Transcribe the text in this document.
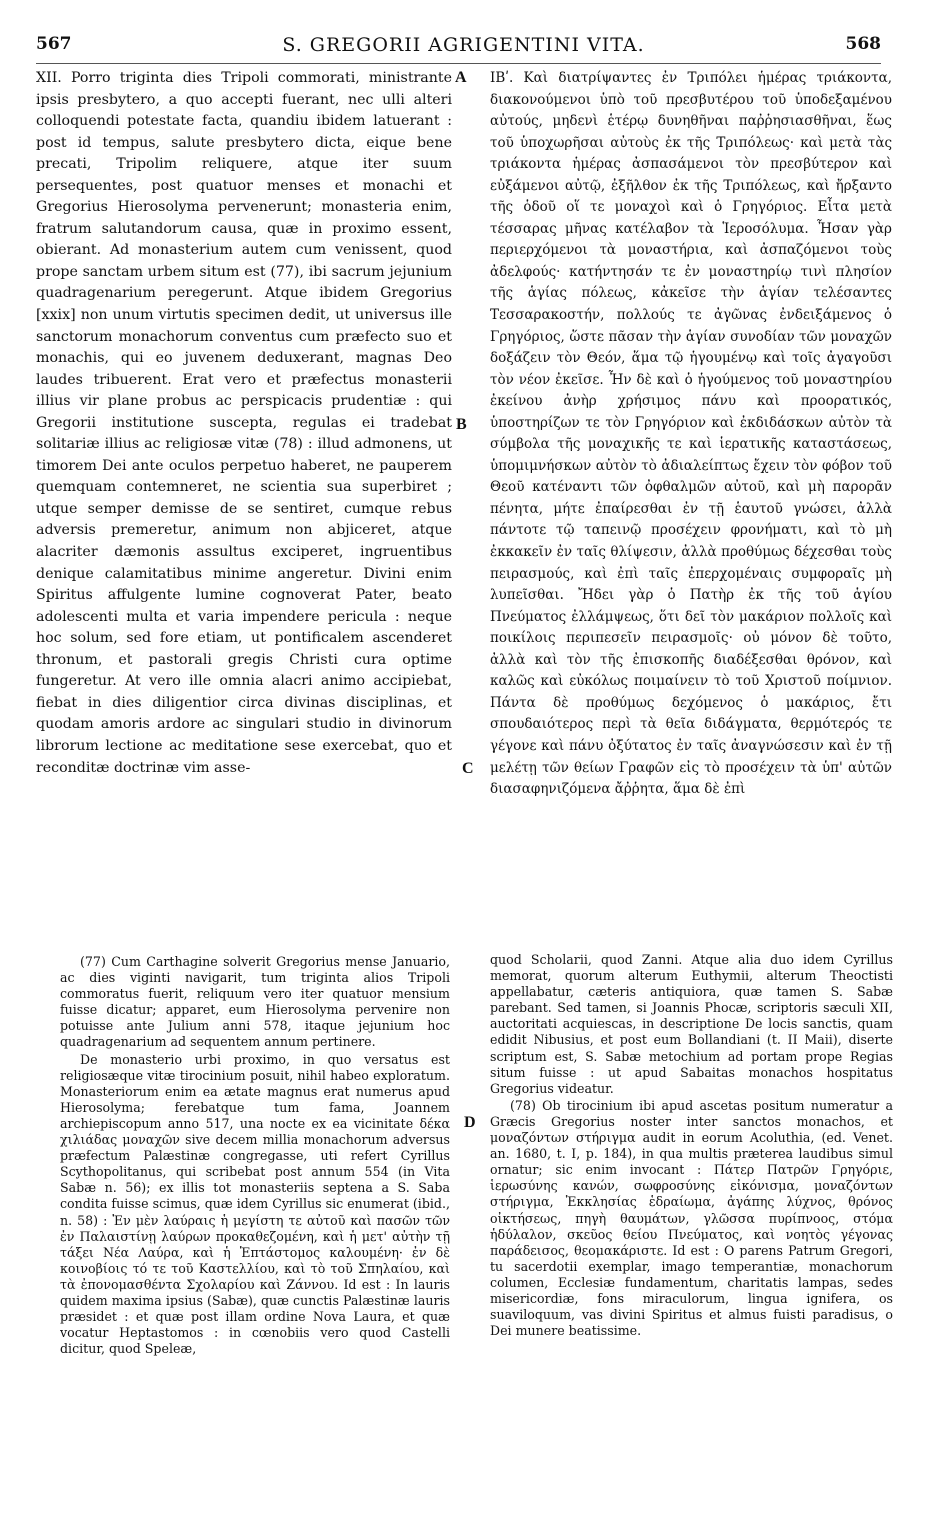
567	S. GREGORII AGRIGENTINI VITA.	568

XII. Porro triginta dies Tripoli commorati, ministrante ipsis presbytero, a quo accepti fuerant, nec ulli alteri colloquendi potestate facta, quandiu ibidem latuerant : post id tempus, salute presbytero dicta, eique bene precati, Tripolim reliquere, atque iter suum persequentes, post quatuor menses et monachi et Gregorius Hierosolyma pervenerunt; monasteria enim, fratrum salutandorum causa, quæ in proximo essent, obierant. Ad monasterium autem cum venissent, quod prope sanctam urbem situm est (77), ibi sacrum jejunium quadragenarium peregerunt. Atque ibidem Gregorius [xxix] non unum virtutis specimen dedit, ut universus ille sanctorum monachorum conventus cum præfecto suo et monachis, qui eo juvenem deduxerant, magnas Deo laudes tribuerent. Erat vero et præfectus monasterii illius vir plane probus ac perspicacis prudentiæ : qui Gregorii institutione suscepta, regulas ei tradebat solitariæ illius ac religiosæ vitæ (78) : illud admonens, ut timorem Dei ante oculos perpetuo haberet, ne pauperem quemquam contemneret, ne scientia sua superbiret ; utque semper demisse de se sentiret, cumque rebus adversis premeretur, animum non abjiceret, atque alacriter dæmonis assultus exciperet, ingruentibus denique calamitatibus minime angeretur. Divini enim Spiritus affulgente lumine cognoverat Pater, beato adolescenti multa et varia impendere pericula : neque hoc solum, sed fore etiam, ut pontificalem ascenderet thronum, et pastorali gregis Christi cura optime fungeretur. At vero ille omnia alacri animo accipiebat, fiebat in dies diligentior circa divinas disciplinas, et quodam amoris ardore ac singulari studio in divinorum librorum lectione ac meditatione sese exercebat, quo et reconditæ doctrinæ vim asse-

A
B
C
D

ΙΒʹ. Καὶ διατρίψαντες ἐν Τριπόλει ἡμέρας τριάκοντα, διακονούμενοι ὑπὸ τοῦ πρεσβυτέρου τοῦ ὑποδεξαμένου αὐτούς, μηδενὶ ἑτέρῳ δυνηθῆναι παῤῥησιασθῆναι, ἕως τοῦ ὑποχωρῆσαι αὐτοὺς ἐκ τῆς Τριπόλεως· καὶ μετὰ τὰς τριάκοντα ἡμέρας ἀσπασάμενοι τὸν πρεσβύτερον καὶ εὐξάμενοι αὐτῷ, ἐξῆλθον ἐκ τῆς Τριπόλεως, καὶ ἤρξαντο τῆς ὁδοῦ οἵ τε μοναχοὶ καὶ ὁ Γρηγόριος. Εἶτα μετὰ τέσσαρας μῆνας κατέλαβον τὰ Ἱεροσόλυμα. Ἦσαν γὰρ περιερχόμενοι τὰ μοναστήρια, καὶ ἀσπαζόμενοι τοὺς ἀδελφούς· κατήντησάν τε ἐν μοναστηρίῳ τινὶ πλησίον τῆς ἁγίας πόλεως, κἀκεῖσε τὴν ἁγίαν τελέσαντες Τεσσαρακοστήν, πολλούς τε ἀγῶνας ἐνδειξάμενος ὁ Γρηγόριος, ὥστε πᾶσαν τὴν ἁγίαν συνοδίαν τῶν μοναχῶν δοξάζειν τὸν Θεόν, ἅμα τῷ ἡγουμένῳ καὶ τοῖς ἀγαγοῦσι τὸν νέον ἐκεῖσε. Ἦν δὲ καὶ ὁ ἡγούμενος τοῦ μοναστηρίου ἐκείνου ἀνὴρ χρήσιμος πάνυ καὶ προορατικός, ὑποστηρίζων τε τὸν Γρηγόριον καὶ ἐκδιδάσκων αὐτὸν τὰ σύμβολα τῆς μοναχικῆς τε καὶ ἱερατικῆς καταστάσεως, ὑπομιμνήσκων αὐτὸν τὸ ἀδιαλείπτως ἔχειν τὸν φόβον τοῦ Θεοῦ κατέναντι τῶν ὀφθαλμῶν αὐτοῦ, καὶ μὴ παρορᾶν πένητα, μήτε ἐπαίρεσθαι ἐν τῇ ἑαυτοῦ γνώσει, ἀλλὰ πάντοτε τῷ ταπεινῷ προσέχειν φρονήματι, καὶ τὸ μὴ ἐκκακεῖν ἐν ταῖς θλίψεσιν, ἀλλὰ προθύμως δέχεσθαι τοὺς πειρασμούς, καὶ ἐπὶ ταῖς ἐπερχομέναις συμφοραῖς μὴ λυπεῖσθαι. Ἤδει γὰρ ὁ Πατὴρ ἐκ τῆς τοῦ ἁγίου Πνεύματος ἐλλάμψεως, ὅτι δεῖ τὸν μακάριον πολλοῖς καὶ ποικίλοις περιπεσεῖν πειρασμοῖς· οὐ μόνον δὲ τοῦτο, ἀλλὰ καὶ τὸν τῆς ἐπισκοπῆς διαδέξεσθαι θρόνον, καὶ καλῶς καὶ εὐκόλως ποιμαίνειν τὸ τοῦ Χριστοῦ ποίμνιον. Πάντα δὲ προθύμως δεχόμενος ὁ μακάριος, ἔτι σπουδαιότερος περὶ τὰ θεῖα διδάγματα, θερμότερός τε γέγονε καὶ πάνυ ὀξύτατος ἐν ταῖς ἀναγνώσεσιν καὶ ἐν τῇ μελέτῃ τῶν θείων Γραφῶν εἰς τὸ προσέχειν τὰ ὑπ' αὐτῶν διασαφηνιζόμενα ἄῤῥητα, ἅμα δὲ ἐπὶ

(77) Cum Carthagine solverit Gregorius mense Januario, ac dies viginti navigarit, tum triginta alios Tripoli commoratus fuerit, reliquum vero iter quatuor mensium fuisse dicatur; apparet, eum Hierosolyma pervenire non potuisse ante Julium anni 578, itaque jejunium hoc quadragenarium ad sequentem annum pertinere.

De monasterio urbi proximo, in quo versatus est religiosæque vitæ tirocinium posuit, nihil habeo exploratum. Monasteriorum enim ea ætate magnus erat numerus apud Hierosolyma; ferebatque tum fama, Joannem archiepiscopum anno 517, una nocte ex ea vicinitate δέκα χιλιάδας μοναχῶν sive decem millia monachorum adversus præfectum Palæstinæ congregasse, uti refert Cyrillus Scythopolitanus, qui scribebat post annum 554 (in Vita Sabæ n. 56); ex illis tot monasteriis septena a S. Saba condita fuisse scimus, quæ idem Cyrillus sic enumerat (ibid., n. 58) : Ἐν μὲν λαύραις ἡ μεγίστη τε αὐτοῦ καὶ πασῶν τῶν ἐν Παλαιστίνῃ λαύρων προκαθεζομένη, καὶ ἡ μετ' αὐτὴν τῇ τάξει Νέα Λαύρα, καὶ ἡ Ἑπτάστομος καλουμένη· ἐν δὲ κοινοβίοις τό τε τοῦ Καστελλίου, καὶ τὸ τοῦ Σπηλαίου, καὶ τὰ ἐπονομασθέντα Σχολαρίου καὶ Ζάννου. Id est : In lauris quidem maxima ipsius (Sabæ), quæ cunctis Palæstinæ lauris præsidet : et quæ post illam ordine Nova Laura, et quæ vocatur Heptastomos : in cœnobiis vero quod Castelli dicitur, quod Speleæ,

quod Scholarii, quod Zanni. Atque alia duo idem Cyrillus memorat, quorum alterum Euthymii, alterum Theoctisti appellabatur, cæteris antiquiora, quæ tamen S. Sabæ parebant. Sed tamen, si Joannis Phocæ, scriptoris sæculi XII, auctoritati acquiescas, in descriptione De locis sanctis, quam edidit Nibusius, et post eum Bollandiani (t. II Maii), diserte scriptum est, S. Sabæ metochium ad portam prope Regias situm fuisse : ut apud Sabaitas monachos hospitatus Gregorius videatur.

(78) Ob tirocinium ibi apud ascetas positum numeratur a Græcis Gregorius noster inter sanctos monachos, et μοναζόντων στήριγμα audit in eorum Acoluthia, (ed. Venet. an. 1680, t. I, p. 184), in qua multis præterea laudibus simul ornatur; sic enim invocant : Πάτερ Πατρῶν Γρηγόριε, ἱερωσύνης κανών, σωφροσύνης εἰκόνισμα, μοναζόντων στήριγμα, Ἐκκλησίας ἑδραίωμα, ἀγάπης λύχνος, θρόνος οἰκτήσεως, πηγὴ θαυμάτων, γλῶσσα πυρίπνοος, στόμα ἡδύλαλον, σκεῦος θείου Πνεύματος, καὶ νοητὸς γέγονας παράδεισος, θεομακάριστε. Id est : O parens Patrum Gregori, tu sacerdotii exemplar, imago temperantiæ, monachorum columen, Ecclesiæ fundamentum, charitatis lampas, sedes misericordiæ, fons miraculorum, lingua ignifera, os suaviloquum, vas divini Spiritus et almus fuisti paradisus, o Dei munere beatissime.
